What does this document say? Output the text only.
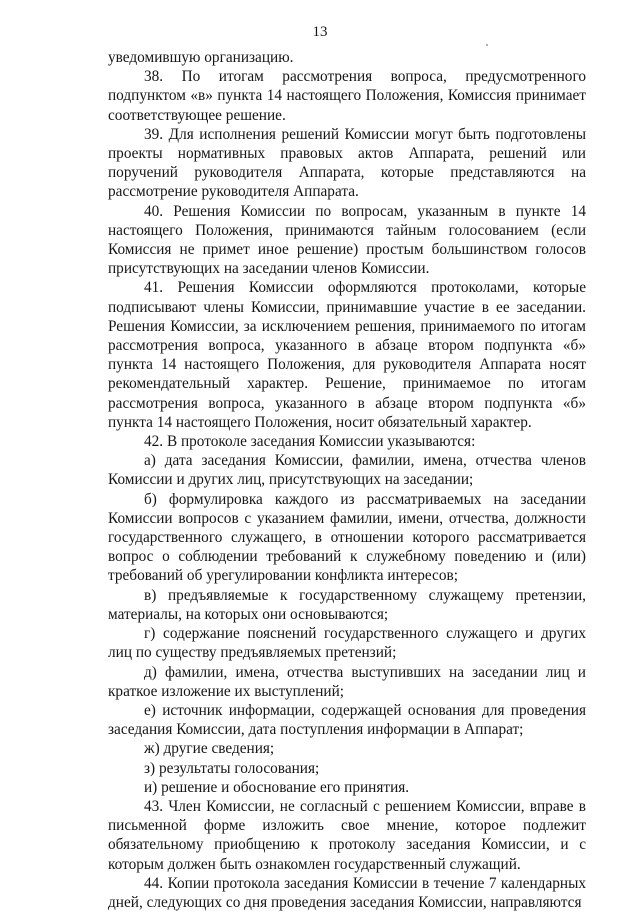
13

уведомившую организацию.

38. По итогам рассмотрения вопроса, предусмотренного подпунктом «в» пункта 14 настоящего Положения, Комиссия принимает соответствующее решение.

39. Для исполнения решений Комиссии могут быть подготовлены проекты нормативных правовых актов Аппарата, решений или поручений руководителя Аппарата, которые представляются на рассмотрение руководителя Аппарата.

40. Решения Комиссии по вопросам, указанным в пункте 14 настоящего Положения, принимаются тайным голосованием (если Комиссия не примет иное решение) простым большинством голосов присутствующих на заседании членов Комиссии.

41. Решения Комиссии оформляются протоколами, которые подписывают члены Комиссии, принимавшие участие в ее заседании. Решения Комиссии, за исключением решения, принимаемого по итогам рассмотрения вопроса, указанного в абзаце втором подпункта «б» пункта 14 настоящего Положения, для руководителя Аппарата носят рекомендательный характер. Решение, принимаемое по итогам рассмотрения вопроса, указанного в абзаце втором подпункта «б» пункта 14 настоящего Положения, носит обязательный характер.

42. В протоколе заседания Комиссии указываются:

а) дата заседания Комиссии, фамилии, имена, отчества членов Комиссии и других лиц, присутствующих на заседании;

б) формулировка каждого из рассматриваемых на заседании Комиссии вопросов с указанием фамилии, имени, отчества, должности государственного служащего, в отношении которого рассматривается вопрос о соблюдении требований к служебному поведению и (или) требований об урегулировании конфликта интересов;

в) предъявляемые к государственному служащему претензии, материалы, на которых они основываются;

г) содержание пояснений государственного служащего и других лиц по существу предъявляемых претензий;

д) фамилии, имена, отчества выступивших на заседании лиц и краткое изложение их выступлений;

е) источник информации, содержащей основания для проведения заседания Комиссии, дата поступления информации в Аппарат;

ж) другие сведения;

з) результаты голосования;

и) решение и обоснование его принятия.

43. Член Комиссии, не согласный с решением Комиссии, вправе в письменной форме изложить свое мнение, которое подлежит обязательному приобщению к протоколу заседания Комиссии, и с которым должен быть ознакомлен государственный служащий.

44. Копии протокола заседания Комиссии в течение 7 календарных дней, следующих со дня проведения заседания Комиссии, направляются
